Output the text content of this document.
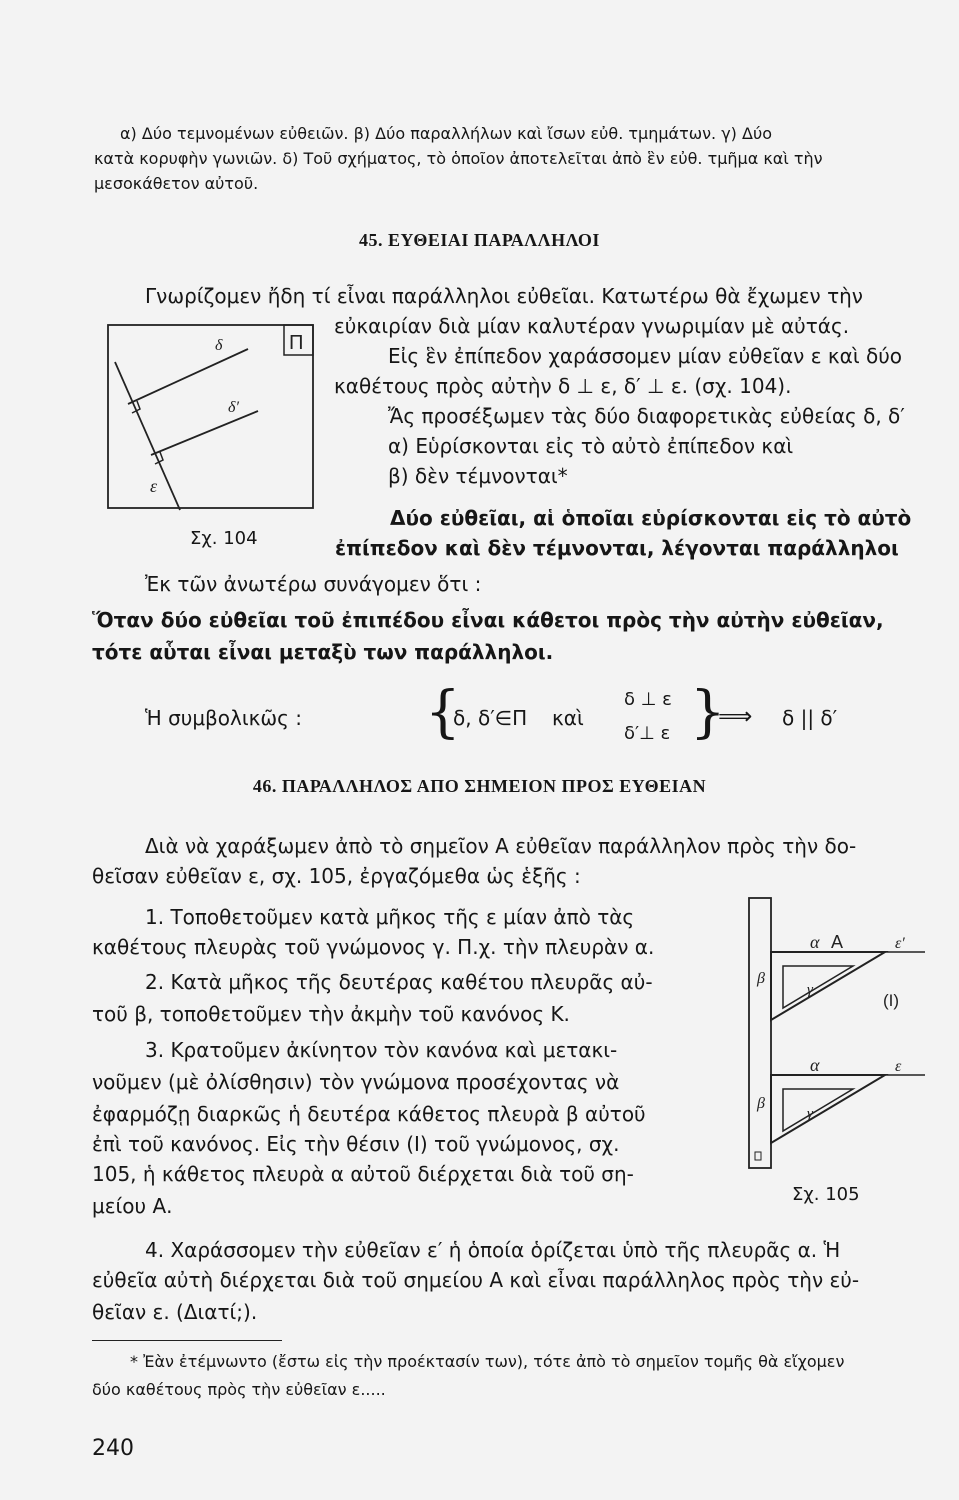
α) Δύο τεμνομένων εὐθειῶν. β) Δύο παραλλήλων καὶ ἴσων εὐθ. τμημάτων. γ) Δύο
κατὰ κορυφὴν γωνιῶν. δ) Τοῦ σχήματος, τὸ ὁποῖον ἀποτελεῖται ἀπὸ ἓν εὐθ. τμῆμα καὶ τὴν
μεσοκάθετον αὐτοῦ.
45. ΕΥΘΕΙΑΙ ΠΑΡΑΛΛΗΛΟΙ
Γνωρίζομεν ἤδη τί εἶναι παράλληλοι εὐθεῖαι. Κατωτέρω θὰ ἔχωμεν τὴν
εὐκαιρίαν διὰ μίαν καλυτέραν γνωριμίαν μὲ αὐτάς.
Εἰς ἓν ἐπίπεδον χαράσσομεν μίαν εὐθεῖαν ε καὶ δύο
καθέτους πρὸς αὐτὴν δ ⊥ ε, δ′ ⊥ ε. (σχ. 104).
Ἄς προσέξωμεν τὰς δύο διαφορετικὰς εὐθείας δ, δ′
α) Εὑρίσκονται εἰς τὸ αὐτὸ ἐπίπεδον καὶ
β) δὲν τέμνονται*
Δύο εὐθεῖαι, αἱ ὁποῖαι εὑρίσκονται εἰς τὸ αὐτὸ
ἐπίπεδον καὶ δὲν τέμνονται, λέγονται παράλληλοι
Π
δ
δ′
ε
Σχ. 104
Ἐκ τῶν ἀνωτέρω συνάγομεν ὅτι :
Ὅταν δύο εὐθεῖαι τοῦ ἐπιπέδου εἶναι κάθετοι πρὸς τὴν αὐτὴν εὐθεῖαν,
τότε αὗται εἶναι μεταξὺ των παράλληλοι.
Ἡ συμβολικῶς : {
δ, δ′∈Π καὶ
δ ⊥ ε
δ′⊥ ε }
⟹ δ || δ′
46. ΠΑΡΑΛΛΗΛΟΣ ΑΠΟ ΣΗΜΕΙΟΝ ΠΡΟΣ ΕΥΘΕΙΑΝ
Διὰ νὰ χαράξωμεν ἀπὸ τὸ σημεῖον Α εὐθεῖαν παράλληλον πρὸς τὴν δο-
θεῖσαν εὐθεῖαν ε, σχ. 105, ἐργαζόμεθα ὡς ἑξῆς :
1. Τοποθετοῦμεν κατὰ μῆκος τῆς ε μίαν ἀπὸ τὰς
καθέτους πλευρὰς τοῦ γνώμονος γ. Π.χ. τὴν πλευρὰν α.
2. Κατὰ μῆκος τῆς δευτέρας καθέτου πλευρᾶς αὐ-
τοῦ β, τοποθετοῦμεν τὴν ἀκμὴν τοῦ κανόνος Κ.
3. Κρατοῦμεν ἀκίνητον τὸν κανόνα καὶ μετακι-
νοῦμεν (μὲ ὀλίσθησιν) τὸν γνώμονα προσέχοντας νὰ
ἐφαρμόζῃ διαρκῶς ἡ δευτέρα κάθετος πλευρὰ β αὐτοῦ
ἐπὶ τοῦ κανόνος. Εἰς τὴν θέσιν (Ι) τοῦ γνώμονος, σχ.
105, ἡ κάθετος πλευρὰ α αὐτοῦ διέρχεται διὰ τοῦ ση-
μείου Α.
α Α	ε′
β
γ
(Ι)
α	ε
β
γ
Σχ. 105
4. Χαράσσομεν τὴν εὐθεῖαν ε′ ἡ ὁποία ὁρίζεται ὑπὸ τῆς πλευρᾶς α. Ἡ
εὐθεῖα αὐτὴ διέρχεται διὰ τοῦ σημείου Α καὶ εἶναι παράλληλος πρὸς τὴν εὐ-
θεῖαν ε. (Διατί;).
* Ἐὰν ἐτέμνωντο (ἔστω εἰς τὴν προέκτασίν των), τότε ἀπὸ τὸ σημεῖον τομῆς θὰ εἴχομεν
δύο καθέτους πρὸς τὴν εὐθεῖαν ε.....
240
